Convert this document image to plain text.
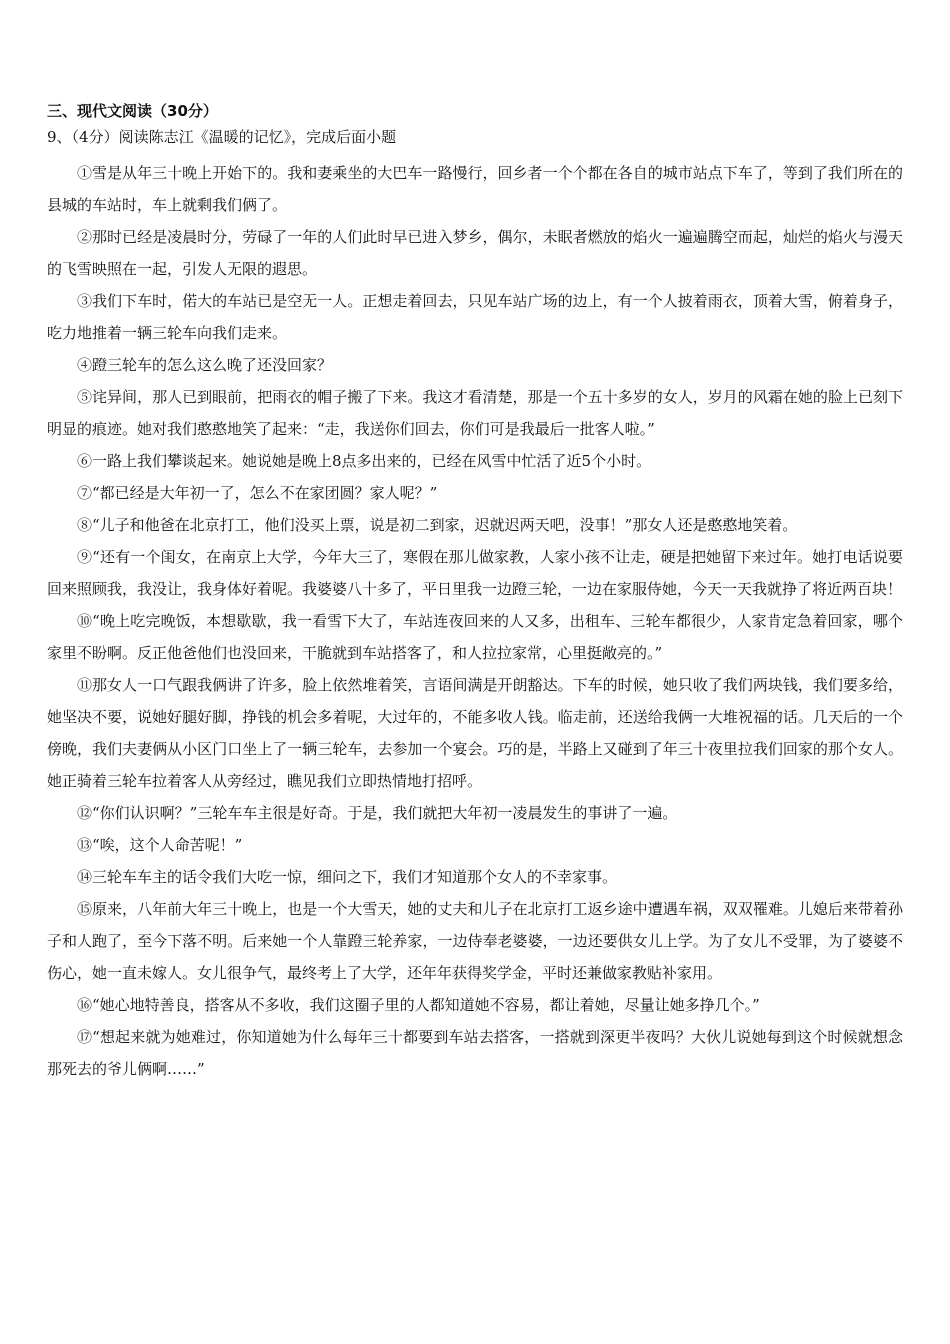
三、现代文阅读（30分）
9、（4分）阅读陈志江《温暖的记忆》，完成后面小题

①雪是从年三十晚上开始下的。我和妻乘坐的大巴车一路慢行，回乡者一个个都在各自的城市站点下车了，等到了我们所在的县城的车站时，车上就剩我们俩了。

②那时已经是凌晨时分，劳碌了一年的人们此时早已进入梦乡，偶尔，未眠者燃放的焰火一遍遍腾空而起，灿烂的焰火与漫天的飞雪映照在一起，引发人无限的遐思。

③我们下车时，偌大的车站已是空无一人。正想走着回去，只见车站广场的边上，有一个人披着雨衣，顶着大雪，俯着身子，吃力地推着一辆三轮车向我们走来。

④蹬三轮车的怎么这么晚了还没回家？

⑤诧异间，那人已到眼前，把雨衣的帽子搬了下来。我这才看清楚，那是一个五十多岁的女人，岁月的风霜在她的脸上已刻下明显的痕迹。她对我们憨憨地笑了起来：“走，我送你们回去，你们可是我最后一批客人啦。”

⑥一路上我们攀谈起来。她说她是晚上8点多出来的，已经在风雪中忙活了近5个小时。

⑦“都已经是大年初一了，怎么不在家团圆？家人呢？”

⑧“儿子和他爸在北京打工，他们没买上票，说是初二到家，迟就迟两天吧，没事！”那女人还是憨憨地笑着。

⑨“还有一个闺女，在南京上大学，今年大三了，寒假在那儿做家教，人家小孩不让走，硬是把她留下来过年。她打电话说要回来照顾我，我没让，我身体好着呢。我婆婆八十多了，平日里我一边蹬三轮，一边在家服侍她，今天一天我就挣了将近两百块！

⑩“晚上吃完晚饭，本想歇歇，我一看雪下大了，车站连夜回来的人又多，出租车、三轮车都很少，人家肯定急着回家，哪个家里不盼啊。反正他爸他们也没回来，干脆就到车站搭客了，和人拉拉家常，心里挺敞亮的。”

⑪那女人一口气跟我俩讲了许多，脸上依然堆着笑，言语间满是开朗豁达。下车的时候，她只收了我们两块钱，我们要多给，她坚决不要，说她好腿好脚，挣钱的机会多着呢，大过年的，不能多收人钱。临走前，还送给我俩一大堆祝福的话。几天后的一个傍晚，我们夫妻俩从小区门口坐上了一辆三轮车，去参加一个宴会。巧的是，半路上又碰到了年三十夜里拉我们回家的那个女人。她正骑着三轮车拉着客人从旁经过，瞧见我们立即热情地打招呼。

⑫“你们认识啊？”三轮车车主很是好奇。于是，我们就把大年初一凌晨发生的事讲了一遍。

⑬“唉，这个人命苦呢！”

⑭三轮车车主的话令我们大吃一惊，细问之下，我们才知道那个女人的不幸家事。

⑮原来，八年前大年三十晚上，也是一个大雪天，她的丈夫和儿子在北京打工返乡途中遭遇车祸，双双罹难。儿媳后来带着孙子和人跑了，至今下落不明。后来她一个人靠蹬三轮养家，一边侍奉老婆婆，一边还要供女儿上学。为了女儿不受罪，为了婆婆不伤心，她一直未嫁人。女儿很争气，最终考上了大学，还年年获得奖学金，平时还兼做家教贴补家用。

⑯“她心地特善良，搭客从不多收，我们这圈子里的人都知道她不容易，都让着她，尽量让她多挣几个。”

⑰“想起来就为她难过，你知道她为什么每年三十都要到车站去搭客，一搭就到深更半夜吗？大伙儿说她每到这个时候就想念那死去的爷儿俩啊……”
